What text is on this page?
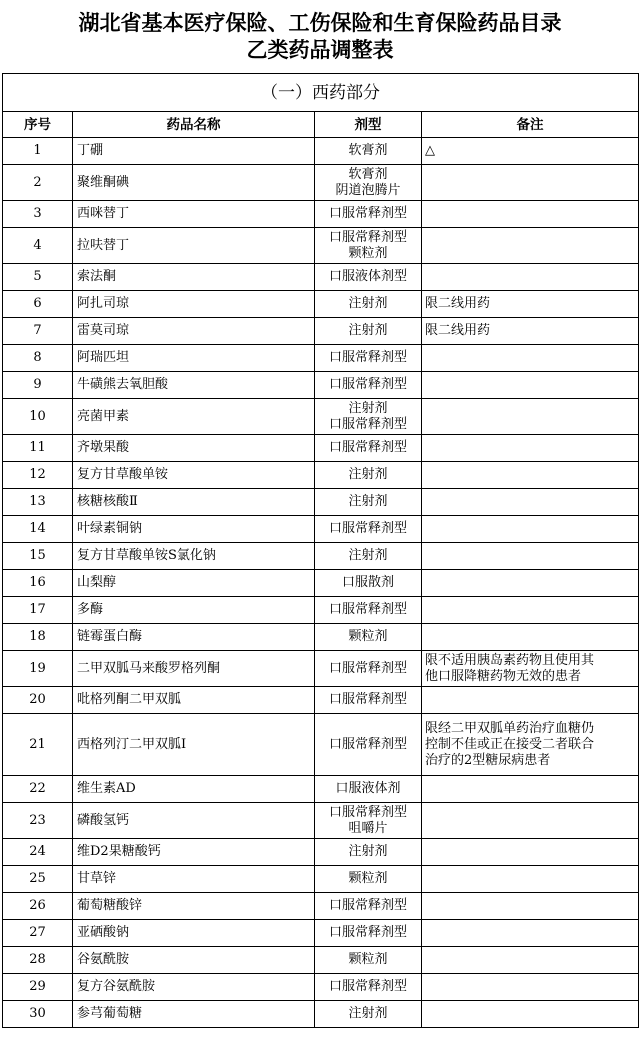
湖北省基本医疗保险、工伤保险和生育保险药品目录
乙类药品调整表
（一）西药部分			
序号	药品名称	剂型	备注
1	丁硼	软膏剂	△
2	聚维酮碘	软膏剂
阴道泡腾片	
3	西咪替丁	口服常释剂型	
4	拉呋替丁	口服常释剂型
颗粒剂	
5	索法酮	口服液体剂型	
6	阿扎司琼	注射剂	限二线用药
7	雷莫司琼	注射剂	限二线用药
8	阿瑞匹坦	口服常释剂型	
9	牛磺熊去氧胆酸	口服常释剂型	
10	亮菌甲素	注射剂
口服常释剂型	
11	齐墩果酸	口服常释剂型	
12	复方甘草酸单铵	注射剂	
13	核糖核酸Ⅱ	注射剂	
14	叶绿素铜钠	口服常释剂型	
15	复方甘草酸单铵S氯化钠	注射剂	
16	山梨醇	口服散剂	
17	多酶	口服常释剂型	
18	链霉蛋白酶	颗粒剂	
19	二甲双胍马来酸罗格列酮	口服常释剂型	限不适用胰岛素药物且使用其
他口服降糖药物无效的患者
20	吡格列酮二甲双胍	口服常释剂型	
21	西格列汀二甲双胍Ⅰ	口服常释剂型	限经二甲双胍单药治疗血糖仍
控制不佳或正在接受二者联合
治疗的2型糖尿病患者
22	维生素AD	口服液体剂	
23	磷酸氢钙	口服常释剂型
咀嚼片	
24	维D2果糖酸钙	注射剂	
25	甘草锌	颗粒剂	
26	葡萄糖酸锌	口服常释剂型	
27	亚硒酸钠	口服常释剂型	
28	谷氨酰胺	颗粒剂	
29	复方谷氨酰胺	口服常释剂型	
30	参芎葡萄糖	注射剂	
